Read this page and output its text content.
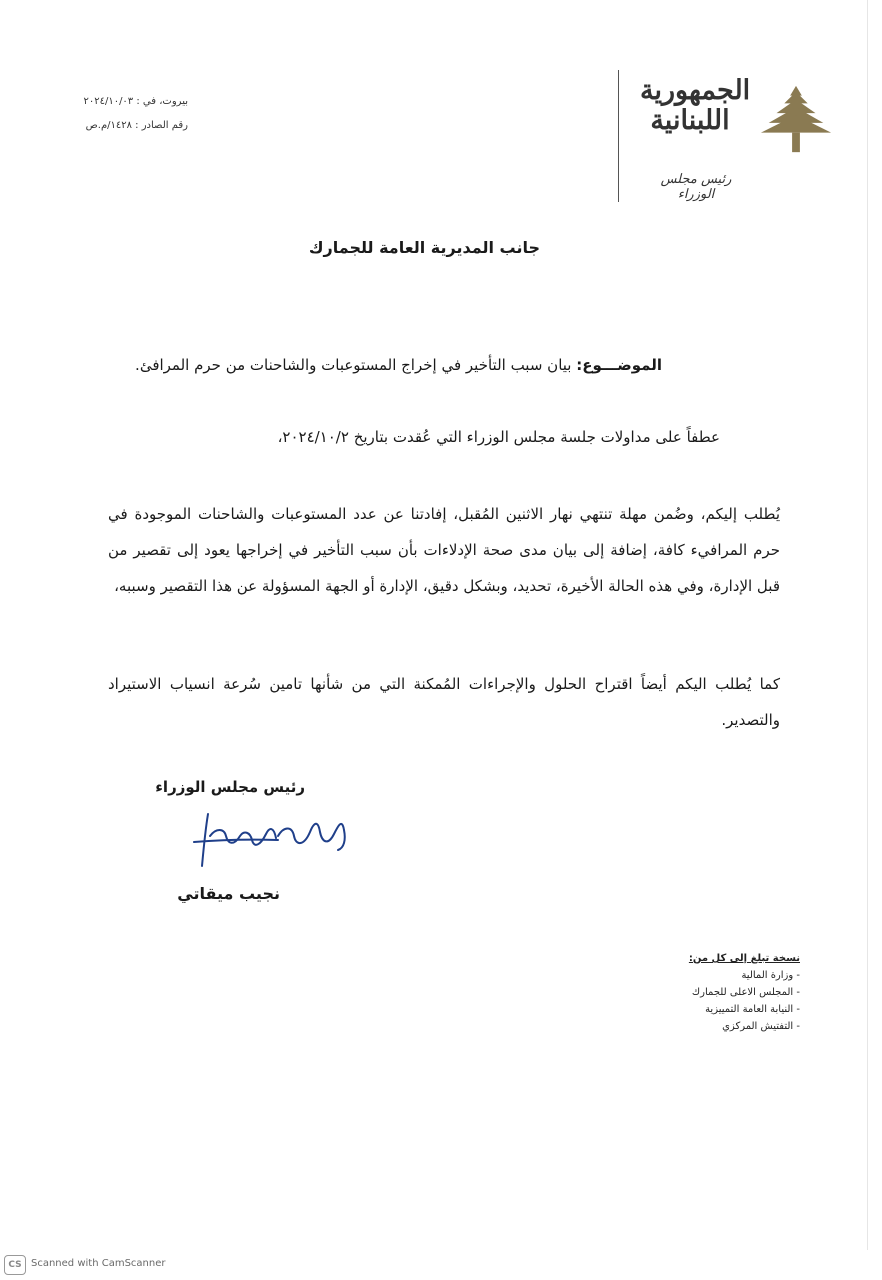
الجمهورية
اللبنانية
رئيس مجلس الوزراء
بيروت، في : ٢٠٢٤/١٠/٠٣
رقم الصادر : ١٤٢٨/م.ص
جانب المديرية العامة للجمارك
الموضـــوع: بيان سبب التأخير في إخراج المستوعبات والشاحنات من حرم المرافئ.
عطفاً على مداولات جلسة مجلس الوزراء التي عُقدت بتاريخ ٢٠٢٤/١٠/٢،
يُطلب إليكم، وضُمن مهلة تنتهي نهار الاثنين المُقبل، إفادتنا عن عدد المستوعبات والشاحنات الموجودة في حرم المرافيء كافة، إضافة إلى بيان مدى صحة الإدلاءات بأن سبب التأخير في إخراجها يعود إلى تقصير من قبل الإدارة، وفي هذه الحالة الأخيرة، تحديد، وبشكل دقيق، الإدارة أو الجهة المسؤولة عن هذا التقصير وسببه،
كما يُطلب اليكم أيضاً اقتراح الحلول والإجراءات المُمكنة التي من شأنها تامين سُرعة انسياب الاستيراد والتصدير.
رئيس مجلس الوزراء
نجيب ميقاتي
نسخة تبلغ إلى كل من:
- وزارة المالية
- المجلس الاعلى للجمارك
- النيابة العامة التمييزية
- التفتيش المركزي
CS Scanned with CamScanner
